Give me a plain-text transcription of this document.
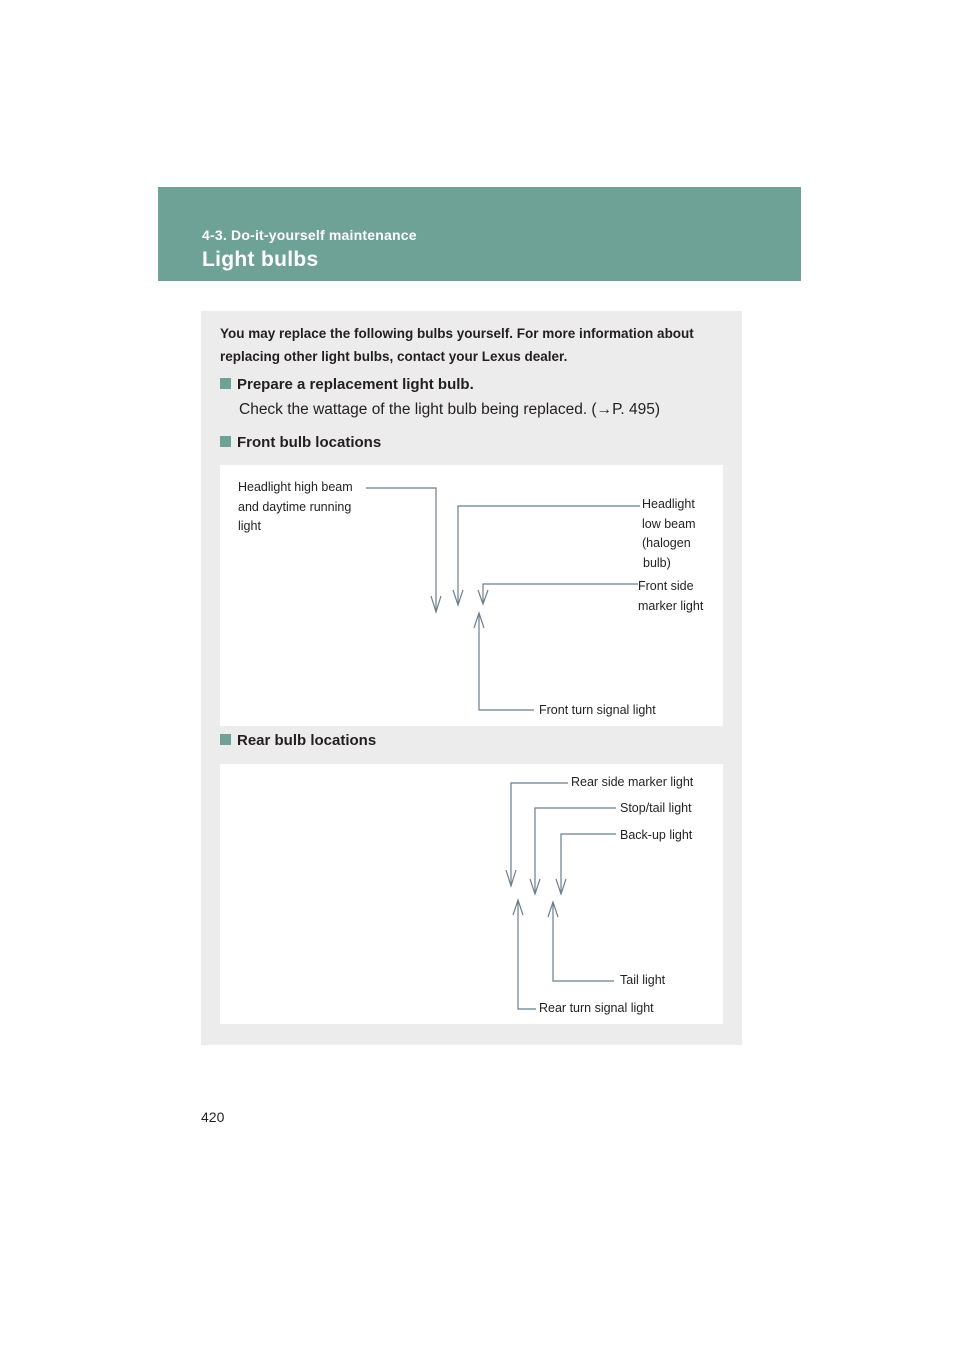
4-3. Do-it-yourself maintenance
Light bulbs
You may replace the following bulbs yourself. For more information about replacing other light bulbs, contact your Lexus dealer.
Prepare a replacement light bulb.
Check the wattage of the light bulb being replaced. (→P. 495)
Front bulb locations
Rear bulb locations
Headlight high beam
and daytime running
light
Headlight
low beam
(halogen
bulb)
Front side
marker light
Front turn signal light
Rear side marker light
Stop/tail light
Back-up light
Tail light
Rear turn signal light
420
